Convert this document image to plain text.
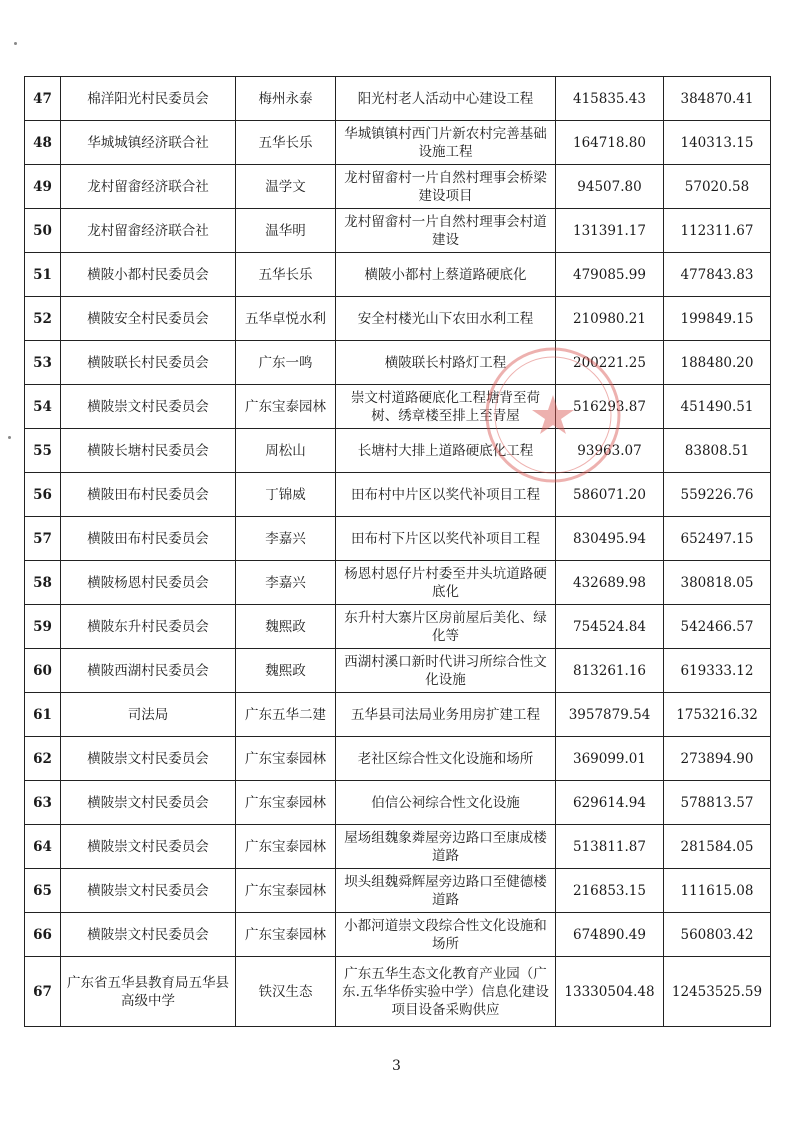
47	棉洋阳光村民委员会	梅州永泰	阳光村老人活动中心建设工程	415835.43	384870.41
48	华城城镇经济联合社	五华长乐	华城镇镇村西门片新农村完善基础设施工程	164718.80	140313.15
49	龙村留畲经济联合社	温学文	龙村留畲村一片自然村理事会桥梁建设项目	94507.80	57020.58
50	龙村留畲经济联合社	温华明	龙村留畲村一片自然村理事会村道建设	131391.17	112311.67
51	横陂小都村民委员会	五华长乐	横陂小都村上蔡道路硬底化	479085.99	477843.83
52	横陂安全村民委员会	五华卓悦水利	安全村楼光山下农田水利工程	210980.21	199849.15
53	横陂联长村民委员会	广东一鸣	横陂联长村路灯工程	200221.25	188480.20
54	横陂崇文村民委员会	广东宝泰园林	崇文村道路硬底化工程塘背至荷树、绣章楼至排上至青屋	516293.87	451490.51
55	横陂长塘村民委员会	周松山	长塘村大排上道路硬底化工程	93963.07	83808.51
56	横陂田布村民委员会	丁锦威	田布村中片区以奖代补项目工程	586071.20	559226.76
57	横陂田布村民委员会	李嘉兴	田布村下片区以奖代补项目工程	830495.94	652497.15
58	横陂杨恩村民委员会	李嘉兴	杨恩村恩仔片村委至井头坑道路硬底化	432689.98	380818.05
59	横陂东升村民委员会	魏熙政	东升村大寨片区房前屋后美化、绿化等	754524.84	542466.57
60	横陂西湖村民委员会	魏熙政	西湖村溪口新时代讲习所综合性文化设施	813261.16	619333.12
61	司法局	广东五华二建	五华县司法局业务用房扩建工程	3957879.54	1753216.32
62	横陂崇文村民委员会	广东宝泰园林	老社区综合性文化设施和场所	369099.01	273894.90
63	横陂崇文村民委员会	广东宝泰园林	伯信公祠综合性文化设施	629614.94	578813.57
64	横陂崇文村民委员会	广东宝泰园林	屋场组魏象粦屋旁边路口至康成楼道路	513811.87	281584.05
65	横陂崇文村民委员会	广东宝泰园林	坝头组魏舜辉屋旁边路口至健德楼道路	216853.15	111615.08
66	横陂崇文村民委员会	广东宝泰园林	小都河道崇文段综合性文化设施和场所	674890.49	560803.42
67	广东省五华县教育局五华县高级中学	铁汉生态	广东五华生态文化教育产业园（广东.五华华侨实验中学）信息化建设项目设备采购供应	13330504.48	12453525.59
3
